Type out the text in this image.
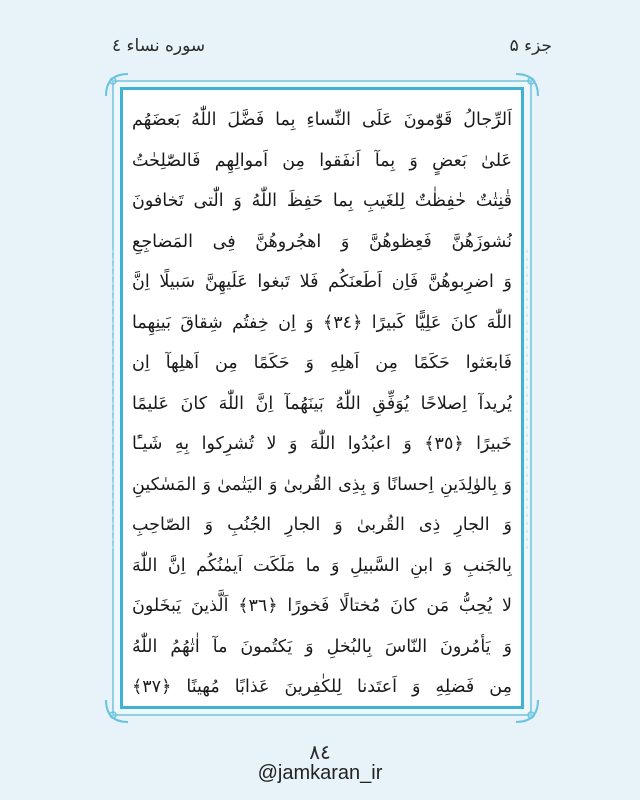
جزء ۵
سوره نساء ٤
اَلرِّجالُ قَوّٰمونَ عَلَى النِّساءِ بِما فَضَّلَ اللّٰهُ بَعضَهُم
عَلىٰ بَعضٍ وَ بِمآ اَنفَقوا مِن اَموالِهِم فَالصّٰلِحٰتُ
قٰنِتٰتٌ حٰفِظٰتٌ لِلغَيبِ بِما حَفِظَ اللّٰهُ وَ الّٰتى تَخافونَ
نُشوزَهُنَّ فَعِظوهُنَّ وَ اهجُروهُنَّ فِى المَضاجِعِ
وَ اضرِبوهُنَّ فَاِن اَطَعنَكُم فَلا تَبغوا عَلَيهِنَّ سَبيلًا اِنَّ
اللّٰهَ كانَ عَلِيًّا كَبيرًا ﴿٣٤﴾ وَ اِن خِفتُم شِقاقَ بَينِهِما
فَابعَثوا حَكَمًا مِن اَهلِهِ وَ حَكَمًا مِن اَهلِهآ اِن
يُريدآ اِصلاحًا يُوَفِّقِ اللّٰهُ بَينَهُمآ اِنَّ اللّٰهَ كانَ عَليمًا
خَبيرًا ﴿٣٥﴾ وَ اعبُدُوا اللّٰهَ وَ لا تُشرِكوا بِهِ شَيـًٔا
وَ بِالوٰلِدَينِ اِحسانًا وَ بِذِى القُربىٰ وَ اليَتٰمىٰ وَ المَسٰكينِ
وَ الجارِ ذِى القُربىٰ وَ الجارِ الجُنُبِ وَ الصّاحِبِ
بِالجَنبِ وَ ابنِ السَّبيلِ وَ ما مَلَكَت اَيمٰنُكُم اِنَّ اللّٰهَ
لا يُحِبُّ مَن كانَ مُختالًا فَخورًا ﴿٣٦﴾ اَلَّذينَ يَبخَلونَ
وَ يَأمُرونَ النّاسَ بِالبُخلِ وَ يَكتُمونَ مآ اٰتٰهُمُ اللّٰهُ
مِن فَضلِهِ وَ اَعتَدنا لِلكٰفِرينَ عَذابًا مُهينًا ﴿٣٧﴾
٨٤
@jamkaran_ir
